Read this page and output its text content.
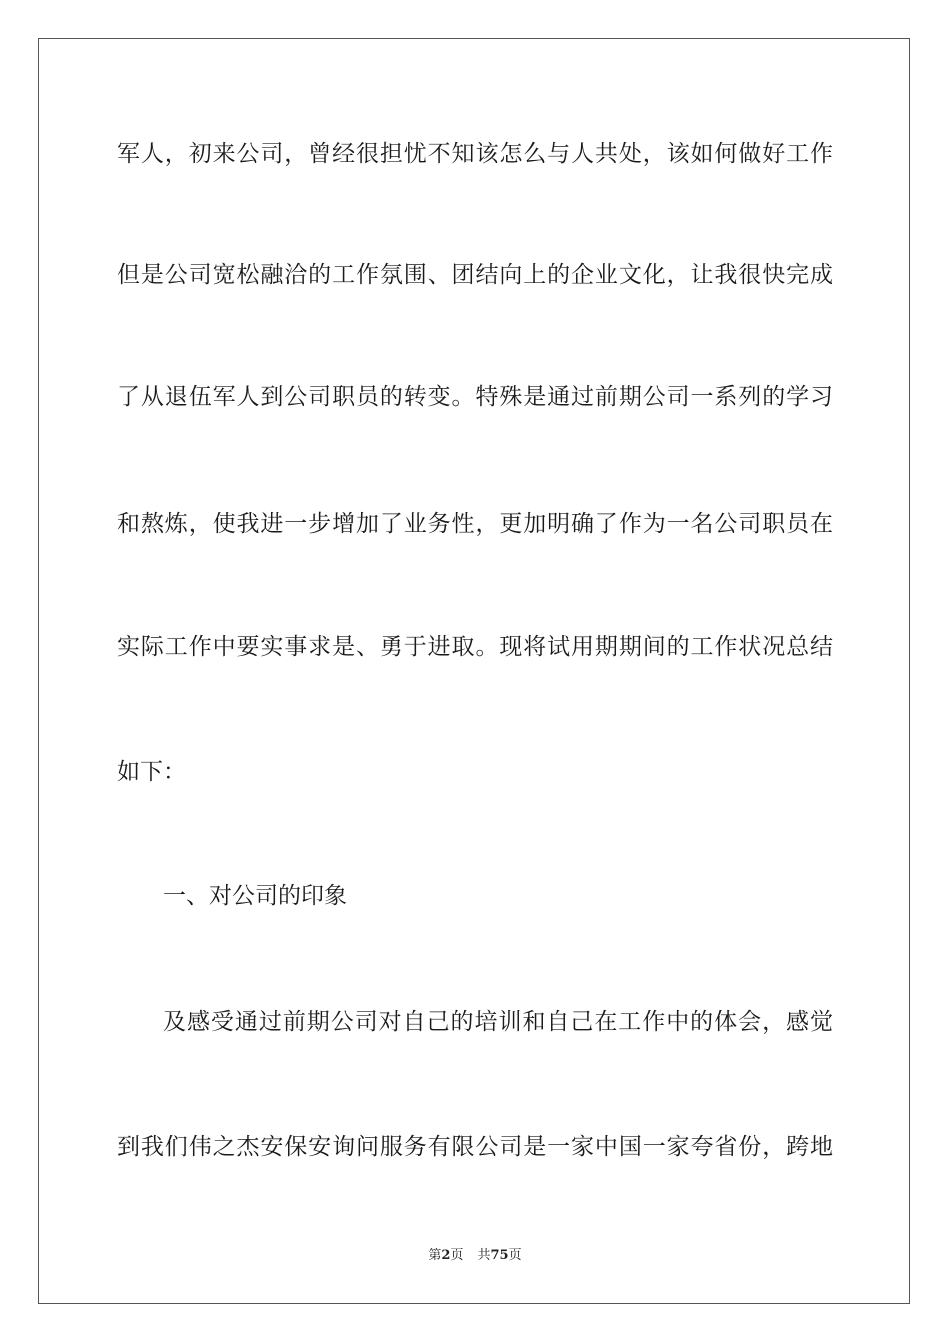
军人，初来公司，曾经很担忧不知该怎么与人共处，该如何做好工作
但是公司宽松融洽的工作氛围、团结向上的企业文化，让我很快完成
了从退伍军人到公司职员的转变。特殊是通过前期公司一系列的学习
和熬炼，使我进一步增加了业务性，更加明确了作为一名公司职员在
实际工作中要实事求是、勇于进取。现将试用期期间的工作状况总结
如下：
一、对公司的印象
及感受通过前期公司对自己的培训和自己在工作中的体会，感觉
到我们伟之杰安保安询问服务有限公司是一家中国一家夸省份，跨地
第2页 共75页
